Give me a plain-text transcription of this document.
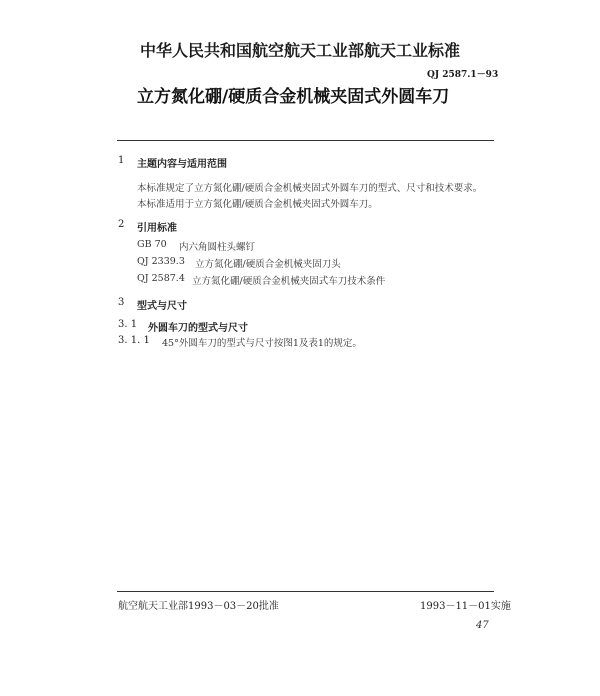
中华人民共和国航空航天工业部航天工业标准
QJ 2587.1－93
立方氮化硼/硬质合金机械夹固式外圆车刀
1 主题内容与适用范围
本标准规定了立方氮化硼/硬质合金机械夹固式外圆车刀的型式、尺寸和技术要求。
本标准适用于立方氮化硼/硬质合金机械夹固式外圆车刀。
2 引用标准
GB 70 内六角圆柱头螺钉
QJ 2339.3 立方氮化硼/硬质合金机械夹固刀头
QJ 2587.4 立方氮化硼/硬质合金机械夹固式车刀技术条件
3 型式与尺寸
3. 1 外圆车刀的型式与尺寸
3. 1. 1 45°外圆车刀的型式与尺寸按图1及表1的规定。
航空航天工业部1993－03－20批准	1993－11－01实施
47
